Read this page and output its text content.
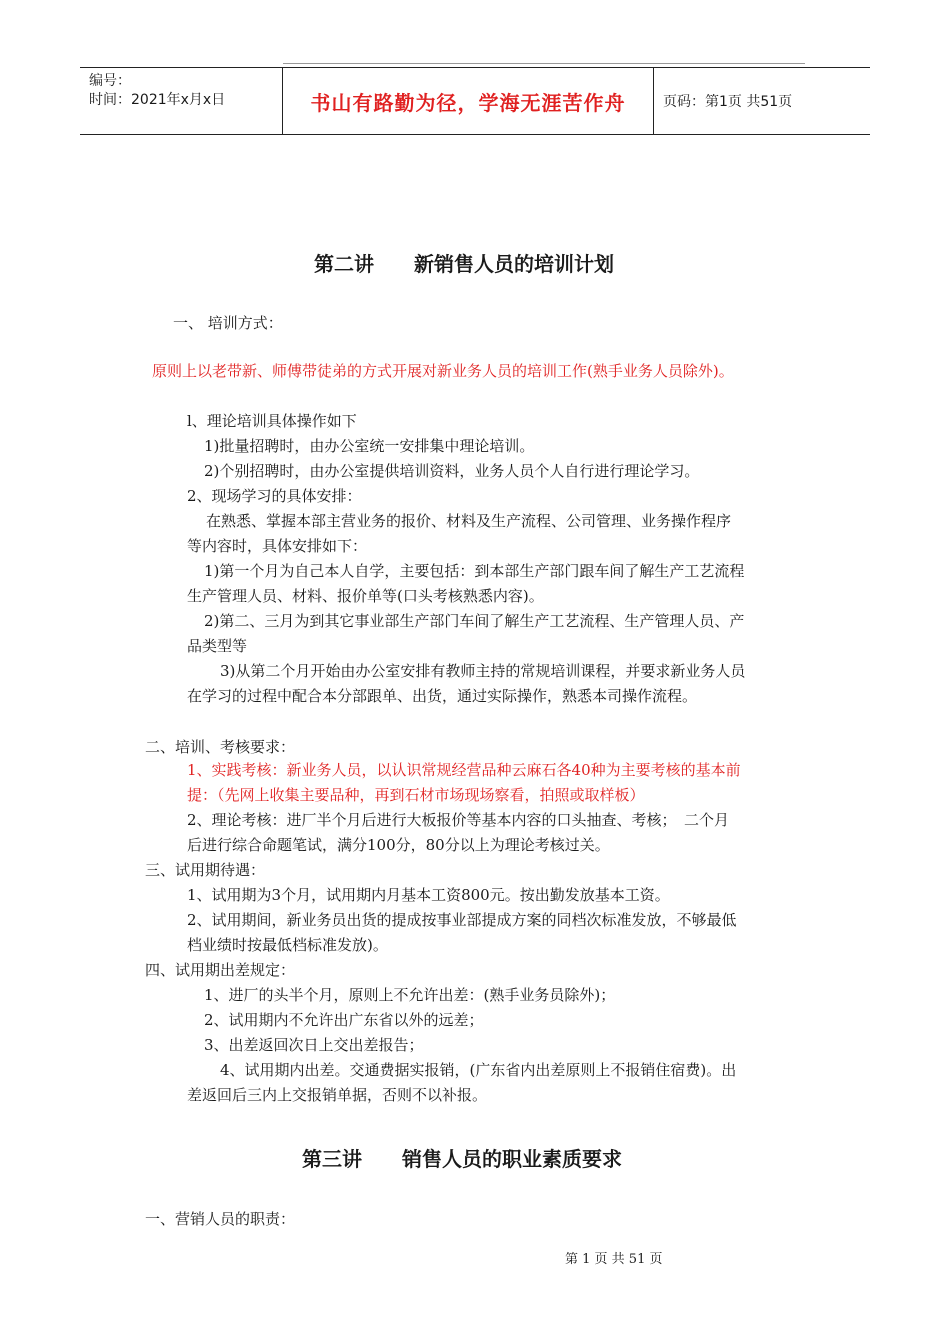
编号：
时间：2021年x月x日	书山有路勤为径，学海无涯苦作舟	页码：第1页 共51页
第二讲　　新销售人员的培训计划
一、 培训方式：
原则上以老带新、师傅带徒弟的方式开展对新业务人员的培训工作(熟手业务人员除外)。
l、理论培训具体操作如下
1)批量招聘时，由办公室统一安排集中理论培训。
2)个别招聘时，由办公室提供培训资料，业务人员个人自行进行理论学习。
2、现场学习的具体安排：
在熟悉、掌握本部主营业务的报价、材料及生产流程、公司管理、业务操作程序
等内容时，具体安排如下：
1)第一个月为自己本人自学，主要包括：到本部生产部门跟车间了解生产工艺流程
生产管理人员、材料、报价单等(口头考核熟悉内容)。
2)第二、三月为到其它事业部生产部门车间了解生产工艺流程、生产管理人员、产
品类型等
3)从第二个月开始由办公室安排有教师主持的常规培训课程，并要求新业务人员
在学习的过程中配合本分部跟单、出货，通过实际操作，熟悉本司操作流程。
二、培训、考核要求：
1、实践考核：新业务人员，以认识常规经营品种云麻石各40种为主要考核的基本前
提：（先网上收集主要品种，再到石材市场现场察看，拍照或取样板）
2、理论考核：进厂半个月后进行大板报价等基本内容的口头抽查、考核；　二个月
后进行综合命题笔试，满分100分，80分以上为理论考核过关。
三、试用期待遇：
1、试用期为3个月，试用期内月基本工资800元。按出勤发放基本工资。
2、试用期间，新业务员出货的提成按事业部提成方案的同档次标准发放，不够最低
档业绩时按最低档标准发放)。
四、试用期出差规定：
1、进厂的头半个月，原则上不允许出差：(熟手业务员除外)；
2、试用期内不允许出广东省以外的远差；
3、出差返回次日上交出差报告；
4、试用期内出差。交通费据实报销，(广东省内出差原则上不报销住宿费)。出
差返回后三内上交报销单据，否则不以补报。
第三讲　　销售人员的职业素质要求
一、营销人员的职责：
第 1 页 共 51 页
